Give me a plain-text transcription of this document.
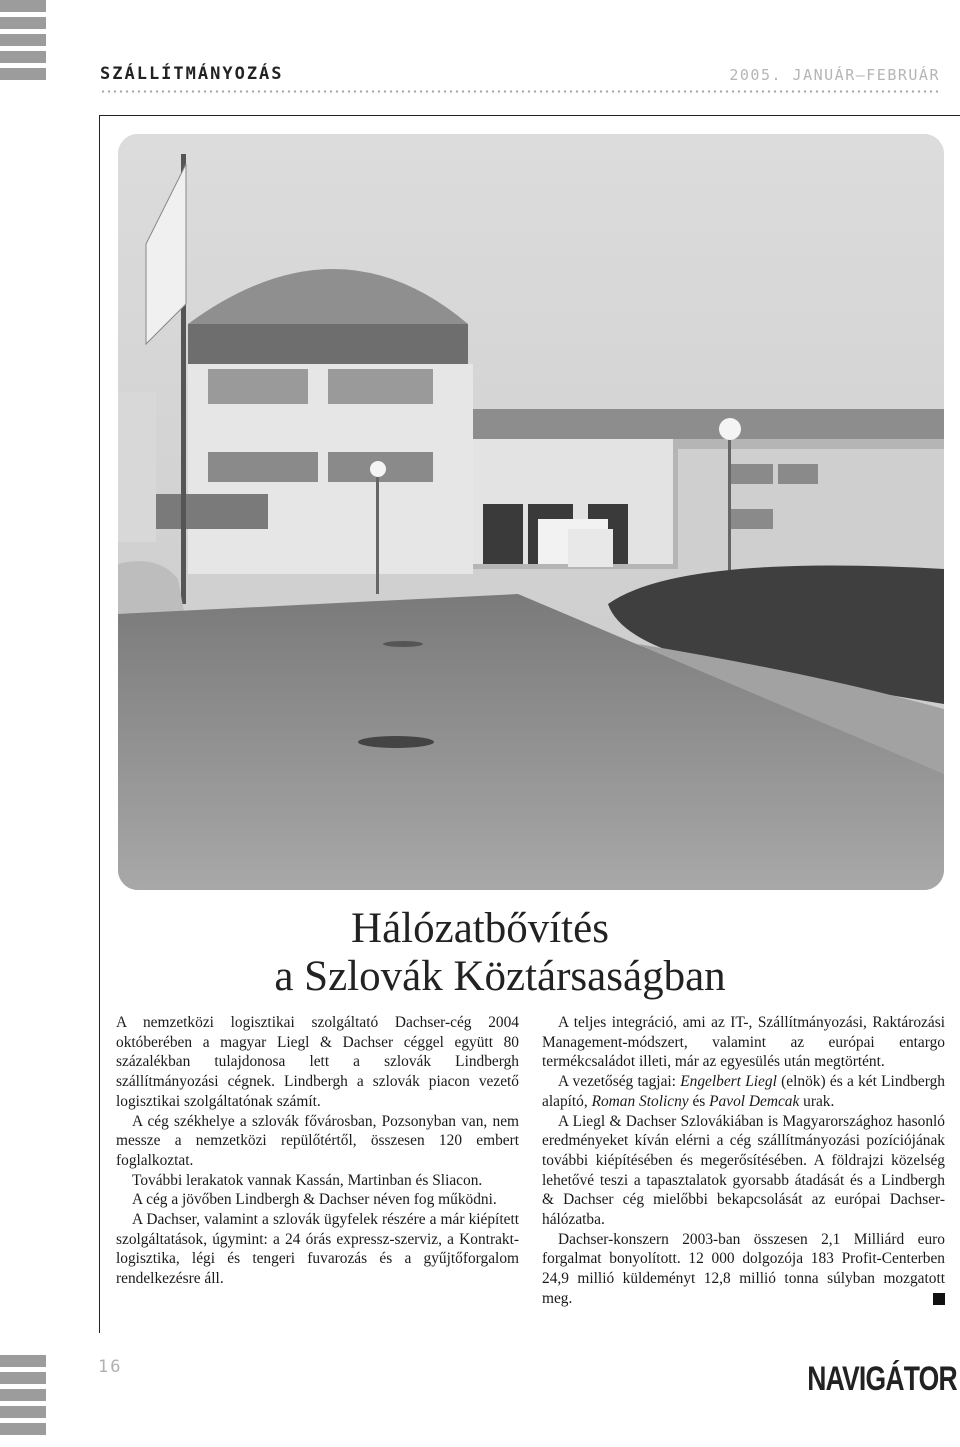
SZÁLLÍTMÁNYOZÁS	2005. JANUÁR–FEBRUÁR
Hálózatbővítés
a Szlovák Köztársaságban

A nemzetközi logisztikai szolgáltató Dachser-cég 2004 októberében a magyar Liegl & Dachser céggel együtt 80 százalékban tulajdonosa lett a szlovák Lindbergh szállítmányozási cégnek. Lindbergh a szlovák piacon vezető logisztikai szolgáltatónak számít.

A cég székhelye a szlovák fővárosban, Pozsonyban van, nem messze a nemzetközi repülőtértől, összesen 120 embert foglalkoztat.

További lerakatok vannak Kassán, Martinban és Sliacon.

A cég a jövőben Lindbergh & Dachser néven fog működni.

A Dachser, valamint a szlovák ügyfelek részére a már kiépített szolgáltatások, úgymint: a 24 órás expressz-szerviz, a Kontrakt-logisztika, légi és tengeri fuvarozás és a gyűjtőforgalom rendelkezésre áll.

A teljes integráció, ami az IT-, Szállítmányozási, Raktározási Management-módszert, valamint az európai entargo termékcsaládot illeti, már az egyesülés után megtörtént.

A vezetőség tagjai: Engelbert Liegl (elnök) és a két Lindbergh alapító, Roman Stolicny és Pavol Demcak urak.

A Liegl & Dachser Szlovákiában is Magyarországhoz hasonló eredményeket kíván elérni a cég szállítmányozási pozíciójának további kiépítésében és megerősítésében. A földrajzi közelség lehetővé teszi a tapasztalatok gyorsabb átadását és a Lindbergh & Dachser cég mielőbbi bekapcsolását az európai Dachser-hálózatba.

Dachser-konszern 2003-ban összesen 2,1 Milliárd euro forgalmat bonyolított. 12 000 dolgozója 183 Profit-Centerben 24,9 millió küldeményt 12,8 millió tonna súlyban mozgatott meg.

16	NAVIGÁTOR
